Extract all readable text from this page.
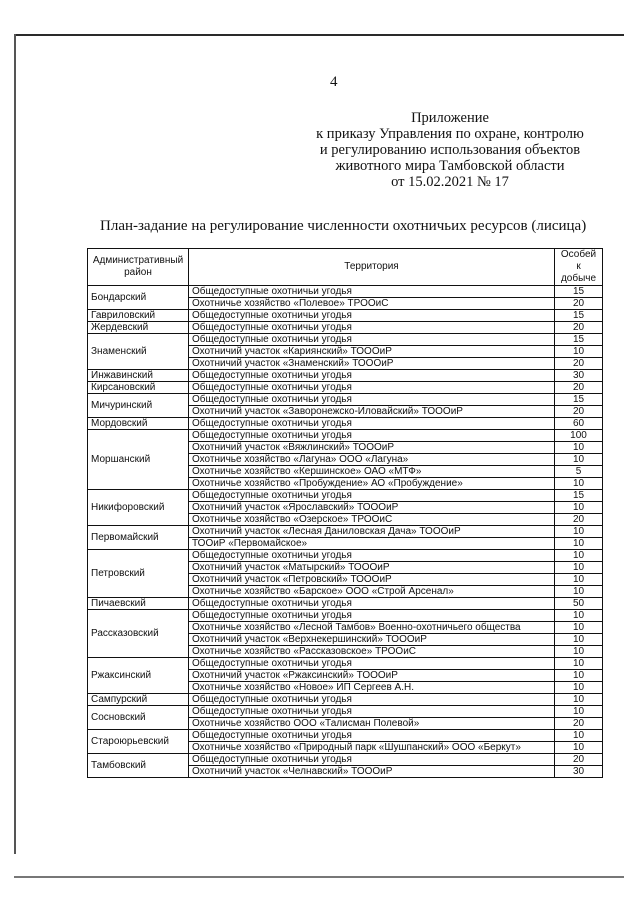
4
Приложение
к приказу Управления по охране, контролю
и регулированию использования объектов
животного мира Тамбовской области
от 15.02.2021 № 17
План-задание на регулирование численности охотничьих ресурсов (лисица)
Административный район	Территория	Особей к добыче
Бондарский	Общедоступные охотничьи угодья	15
	Охотничье хозяйство «Полевое» ТРООиС	20
Гавриловский	Общедоступные охотничьи угодья	15
Жердевский	Общедоступные охотничьи угодья	20
Знаменский	Общедоступные охотничьи угодья	15
	Охотничий участок «Кариянский» ТОООиР	10
	Охотничий участок «Знаменский» ТОООиР	20
Инжавинский	Общедоступные охотничьи угодья	30
Кирсановский	Общедоступные охотничьи угодья	20
Мичуринский	Общедоступные охотничьи угодья	15
	Охотничий участок «Заворонежско-Иловайский» ТОООиР	20
Мордовский	Общедоступные охотничьи угодья	60
Моршанский	Общедоступные охотничьи угодья	100
	Охотничий участок «Вяжлинский» ТОООиР	10
	Охотничье хозяйство «Лагуна» ООО «Лагуна»	10
	Охотничье хозяйство «Кершинское» ОАО «МТФ»	5
	Охотничье хозяйство «Пробуждение» АО «Пробуждение»	10
Никифоровский	Общедоступные охотничьи угодья	15
	Охотничий участок «Ярославский» ТОООиР	10
	Охотничье хозяйство «Озерское» ТРООиС	20
Первомайский	Охотничий участок «Лесная Даниловская Дача» ТОООиР	10
	ТООиР «Первомайское»	10
Петровский	Общедоступные охотничьи угодья	10
	Охотничий участок «Матырский» ТОООиР	10
	Охотничий участок «Петровский» ТОООиР	10
	Охотничье хозяйство «Барское» ООО «Строй Арсенал»	10
Пичаевский	Общедоступные охотничьи угодья	50
Рассказовский	Общедоступные охотничьи угодья	10
	Охотничье хозяйство «Лесной Тамбов» Военно-охотничьего общества	10
	Охотничий участок «Верхнекершинский» ТОООиР	10
	Охотничье хозяйство «Рассказовское» ТРООиС	10
Ржаксинский	Общедоступные охотничьи угодья	10
	Охотничий участок «Ржаксинский» ТОООиР	10
	Охотничье хозяйство «Новое» ИП Сергеев А.Н.	10
Сампурский	Общедоступные охотничьи угодья	10
Сосновский	Общедоступные охотничьи угодья	10
	Охотничье хозяйство ООО «Талисман Полевой»	20
Староюрьевский	Общедоступные охотничьи угодья	10
	Охотничье хозяйство «Природный парк «Шушпанский» ООО «Беркут»	10
Тамбовский	Общедоступные охотничьи угодья	20
	Охотничий участок «Челнавский» ТОООиР	30
